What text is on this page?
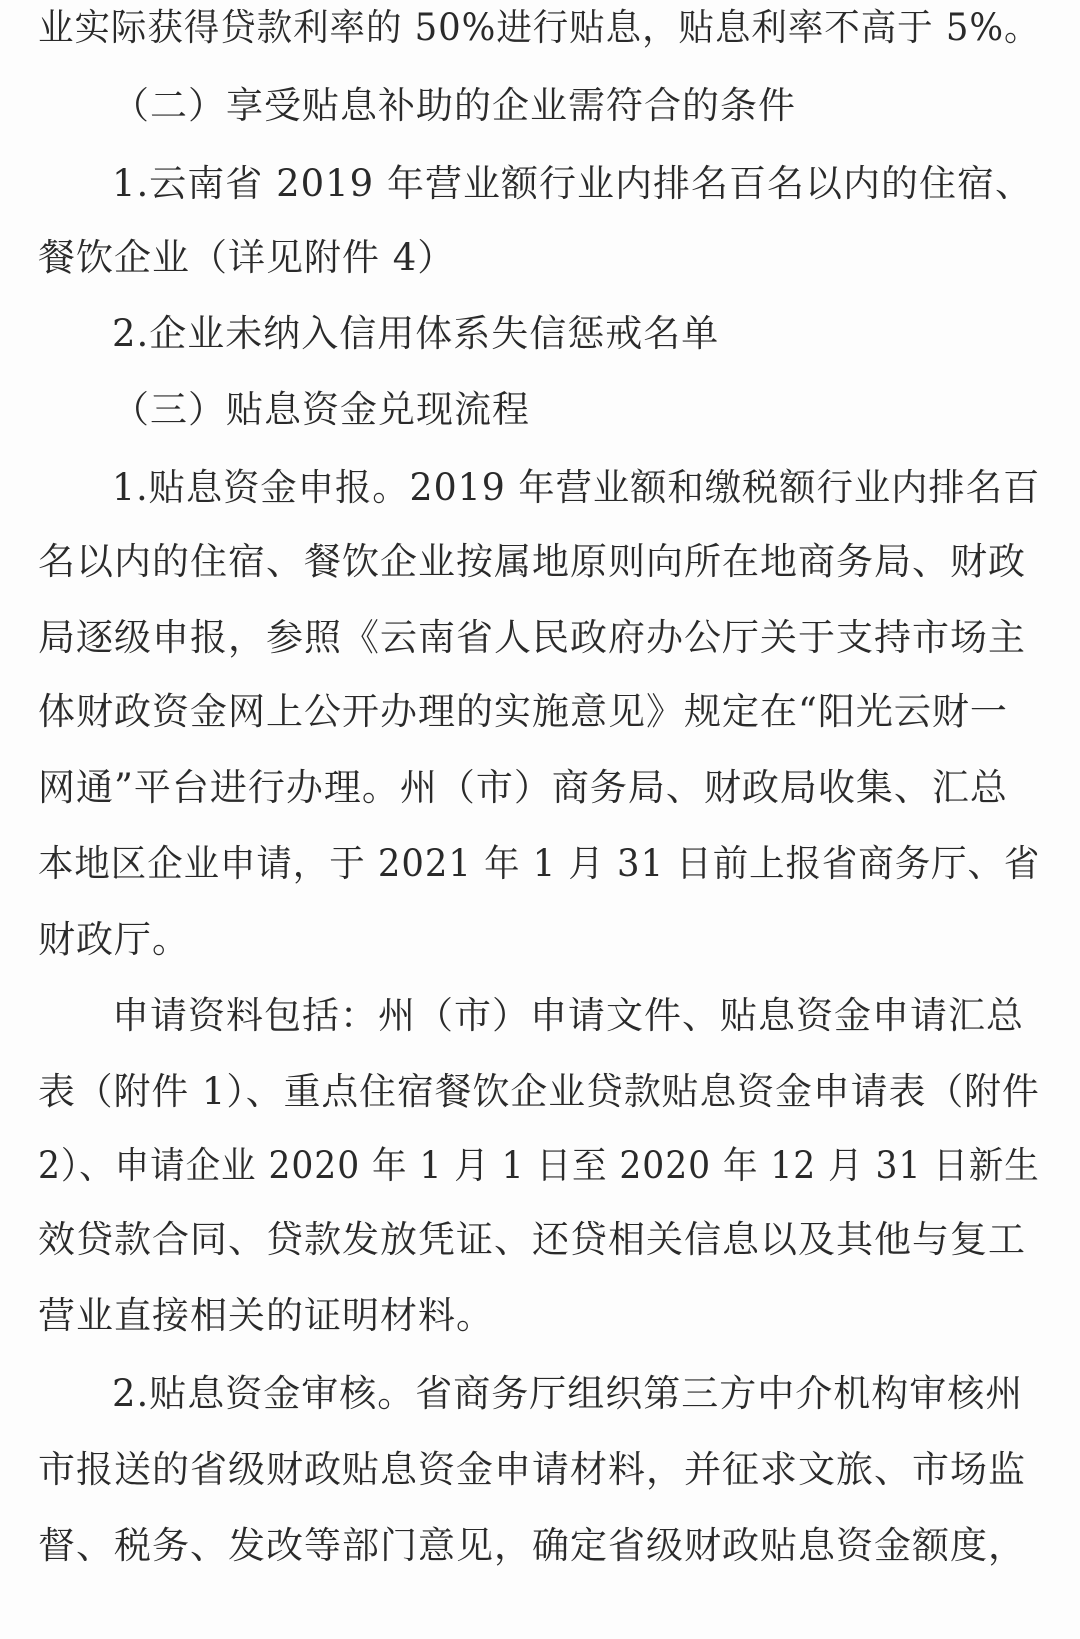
业实际获得贷款利率的 50%进行贴息，贴息利率不高于 5%。
（二）享受贴息补助的企业需符合的条件
1.云南省 2019 年营业额行业内排名百名以内的住宿、
餐饮企业（详见附件 4）
2.企业未纳入信用体系失信惩戒名单
（三）贴息资金兑现流程
1.贴息资金申报。2019 年营业额和缴税额行业内排名百
名以内的住宿、餐饮企业按属地原则向所在地商务局、财政
局逐级申报，参照《云南省人民政府办公厅关于支持市场主
体财政资金网上公开办理的实施意见》规定在“阳光云财一
网通”平台进行办理。州（市）商务局、财政局收集、汇总
本地区企业申请，于 2021 年 1 月 31 日前上报省商务厅、省
财政厅。
申请资料包括：州（市）申请文件、贴息资金申请汇总
表（附件 1）、重点住宿餐饮企业贷款贴息资金申请表（附件
2）、申请企业 2020 年 1 月 1 日至 2020 年 12 月 31 日新生
效贷款合同、贷款发放凭证、还贷相关信息以及其他与复工
营业直接相关的证明材料。
2.贴息资金审核。省商务厅组织第三方中介机构审核州
市报送的省级财政贴息资金申请材料，并征求文旅、市场监
督、税务、发改等部门意见，确定省级财政贴息资金额度，
